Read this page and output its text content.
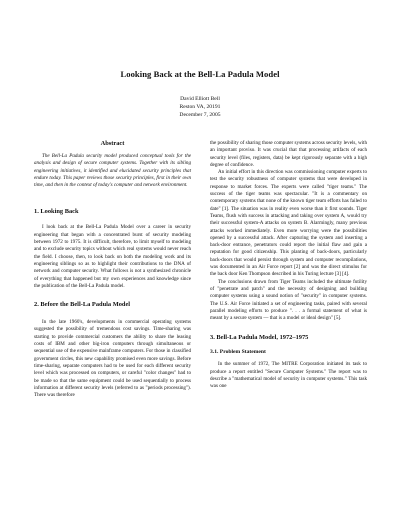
Looking Back at the Bell-La Padula Model
David Elliott Bell
Reston VA, 20191
December 7, 2005
Abstract

The Bell-La Padula security model produced conceptual tools for the analysis and design of secure computer systems. Together with its sibling engineering initiatives, it identified and elucidated security principles that endure today. This paper reviews those security principles, first in their own time, and then in the context of today's computer and network environment.

1. Looking Back

I look back at the Bell-La Padula Model over a career in security engineering that began with a concentrated burst of security modeling between 1972 to 1975. It is difficult, therefore, to limit myself to modeling and to exclude security topics without which real systems would never reach the field. I choose, then, to look back on both the modeling work and its engineering siblings so as to highlight their contributions to the DNA of network and computer security. What follows is not a synthesized chronicle of everything that happened but my own experiences and knowledge since the publication of the Bell-La Padula model.

2. Before the Bell-La Padula Model

In the late 1960's, developments in commercial operating systems suggested the possibility of tremendous cost savings. Time-sharing was starting to provide commercial customers the ability to share the leasing costs of IBM and other big-iron computers through simultaneous or sequential use of the expensive mainframe computers. For those in classified government circles, this new capability promised even more savings. Before time-sharing, separate computers had to be used for each different security level which was processed on computers, or careful "color changes" had to be made so that the same equipment could be used sequentially to process information at different security levels (referred to as "periods processing"). There was therefore

the possibility of sharing those computer systems across security levels, with an important proviso. It was crucial that that processing artifacts of each security level (files, registers, data) be kept rigorously separate with a high degree of confidence.

An initial effort in this direction was commissioning computer experts to test the security robustness of computer systems that were developed in response to market forces. The experts were called "tiger teams." The success of the tiger teams was spectacular. "It is a commentary on contemporary systems that none of the known tiger team efforts has failed to date" [1]. The situation was in reality even worse than it first sounds. Tiger Teams, flush with success in attacking and taking over system A, would try their successful system-A attacks on system B. Alarmingly, many previous attacks worked immediately. Even more worrying were the possibilities opened by a successful attack. After capturing the system and inserting a back-door entrance, penetrators could report the initial flaw and gain a reputation for good citizenship. This planting of back-doors, particularly back-doors that would persist through system and computer recompilations, was documented in an Air Force report [2] and was the direct stimulus for the back door Ken Thompson described in his Turing lecture [3] [4].

The conclusions drawn from Tiger Teams included the ultimate futility of "penetrate and patch" and the necessity of designing and building computer systems using a sound notion of "security" in computer systems. The U.S. Air Force initiated a set of engineering tasks, paired with several parallel modeling efforts to produce ". . . a formal statement of what is meant by a secure system — that is a model or ideal design" [5].

3. Bell-La Padula Model, 1972–1975
3.1. Problem Statement

In the summer of 1972, The MITRE Corporation initiated its task to produce a report entitled "Secure Computer Systems." The report was to describe a "mathematical model of security in computer systems." This task was one
